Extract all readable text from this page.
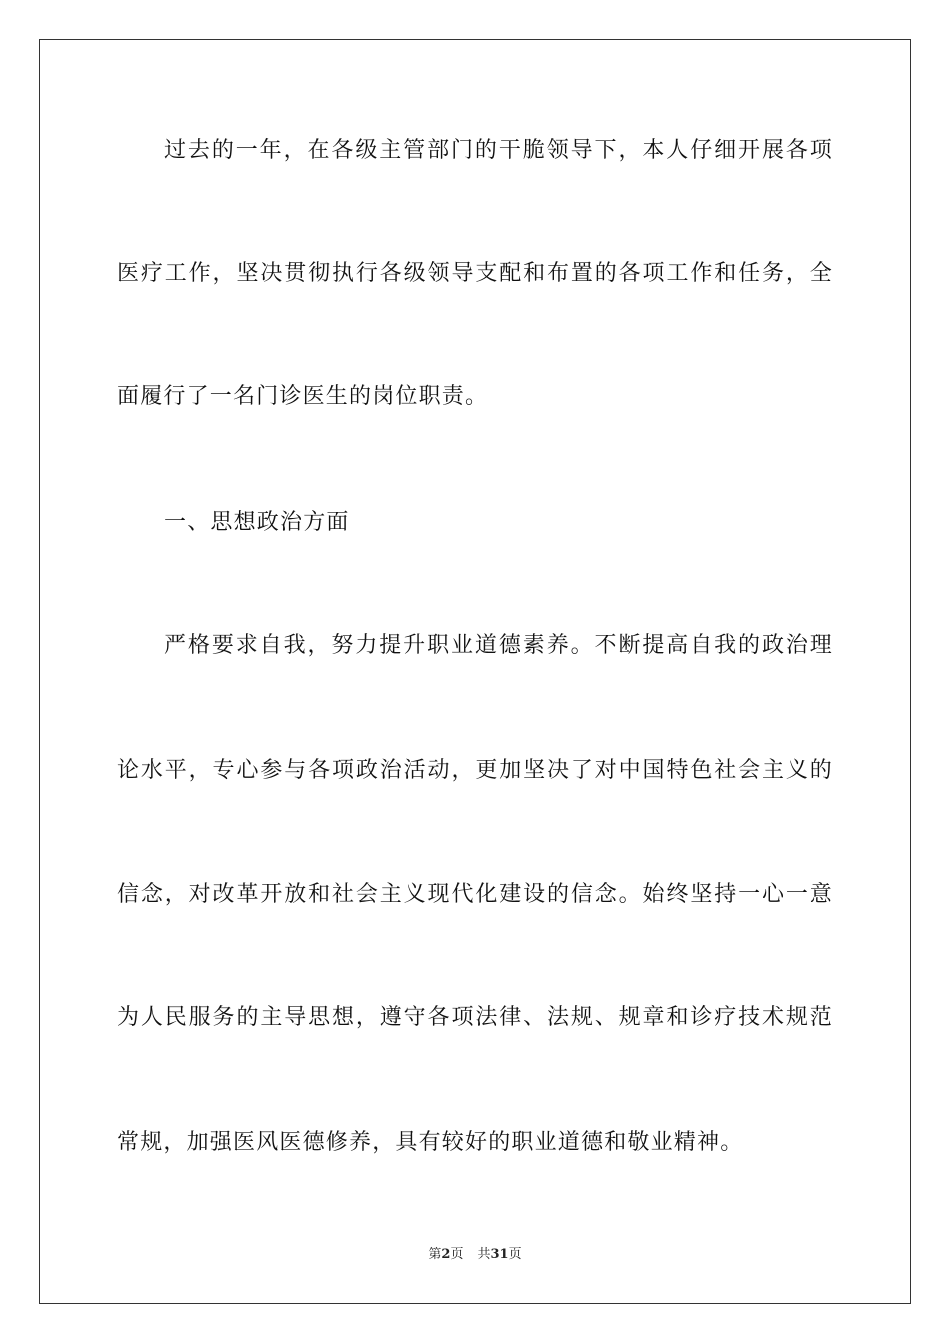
过去的一年，在各级主管部门的干脆领导下，本人仔细开展各项
医疗工作，坚决贯彻执行各级领导支配和布置的各项工作和任务，全
面履行了一名门诊医生的岗位职责。
一、思想政治方面
严格要求自我，努力提升职业道德素养。不断提高自我的政治理
论水平，专心参与各项政治活动，更加坚决了对中国特色社会主义的
信念，对改革开放和社会主义现代化建设的信念。始终坚持一心一意
为人民服务的主导思想，遵守各项法律、法规、规章和诊疗技术规范
常规，加强医风医德修养，具有较好的职业道德和敬业精神。
第2页 共31页
